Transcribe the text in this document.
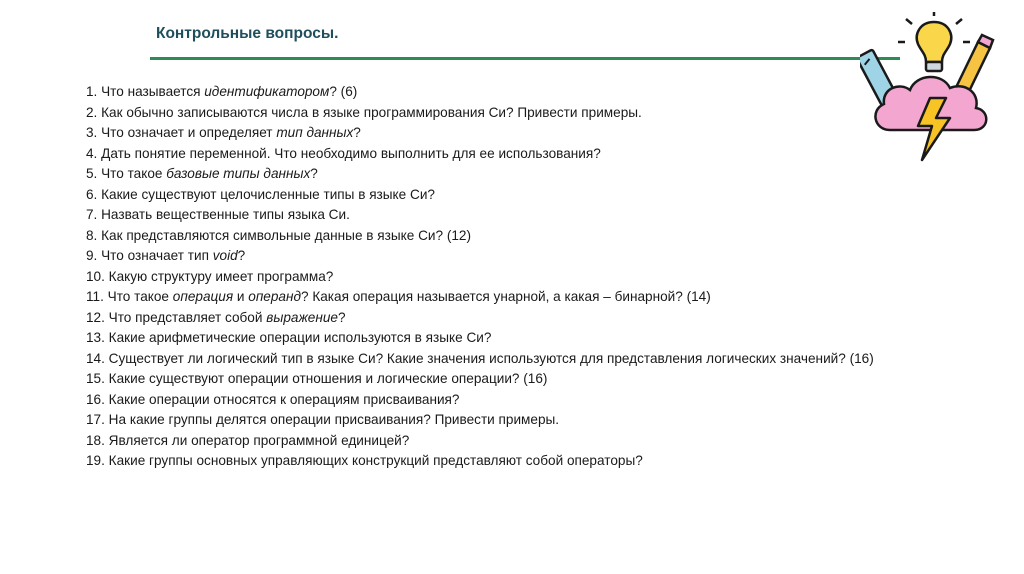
Контрольные вопросы.

1. Что называется идентификатором? (6)

2. Как обычно записываются числа в языке программирования Си? Привести примеры.

3. Что означает и определяет тип данных?

4. Дать понятие переменной. Что необходимо выполнить для ее использования?

5. Что такое базовые типы данных?

6. Какие существуют целочисленные типы в языке Си?

7. Назвать вещественные типы языка Си.

8. Как представляются символьные данные в языке Си? (12)

9. Что означает тип void?

10. Какую структуру имеет программа?

11. Что такое операция и операнд? Какая операция называется унарной, а какая – бинарной? (14)

12. Что представляет собой выражение?

13. Какие арифметические операции используются в языке Си?

14. Существует ли логический тип в языке Си? Какие значения используются для представления логических значений? (16)

15. Какие существуют операции отношения и логические операции? (16)

16. Какие операции относятся к операциям присваивания?

17. На какие группы делятся операции присваивания? Привести примеры.

18. Является ли оператор программной единицей?

19. Какие группы основных управляющих конструкций представляют собой операторы?
